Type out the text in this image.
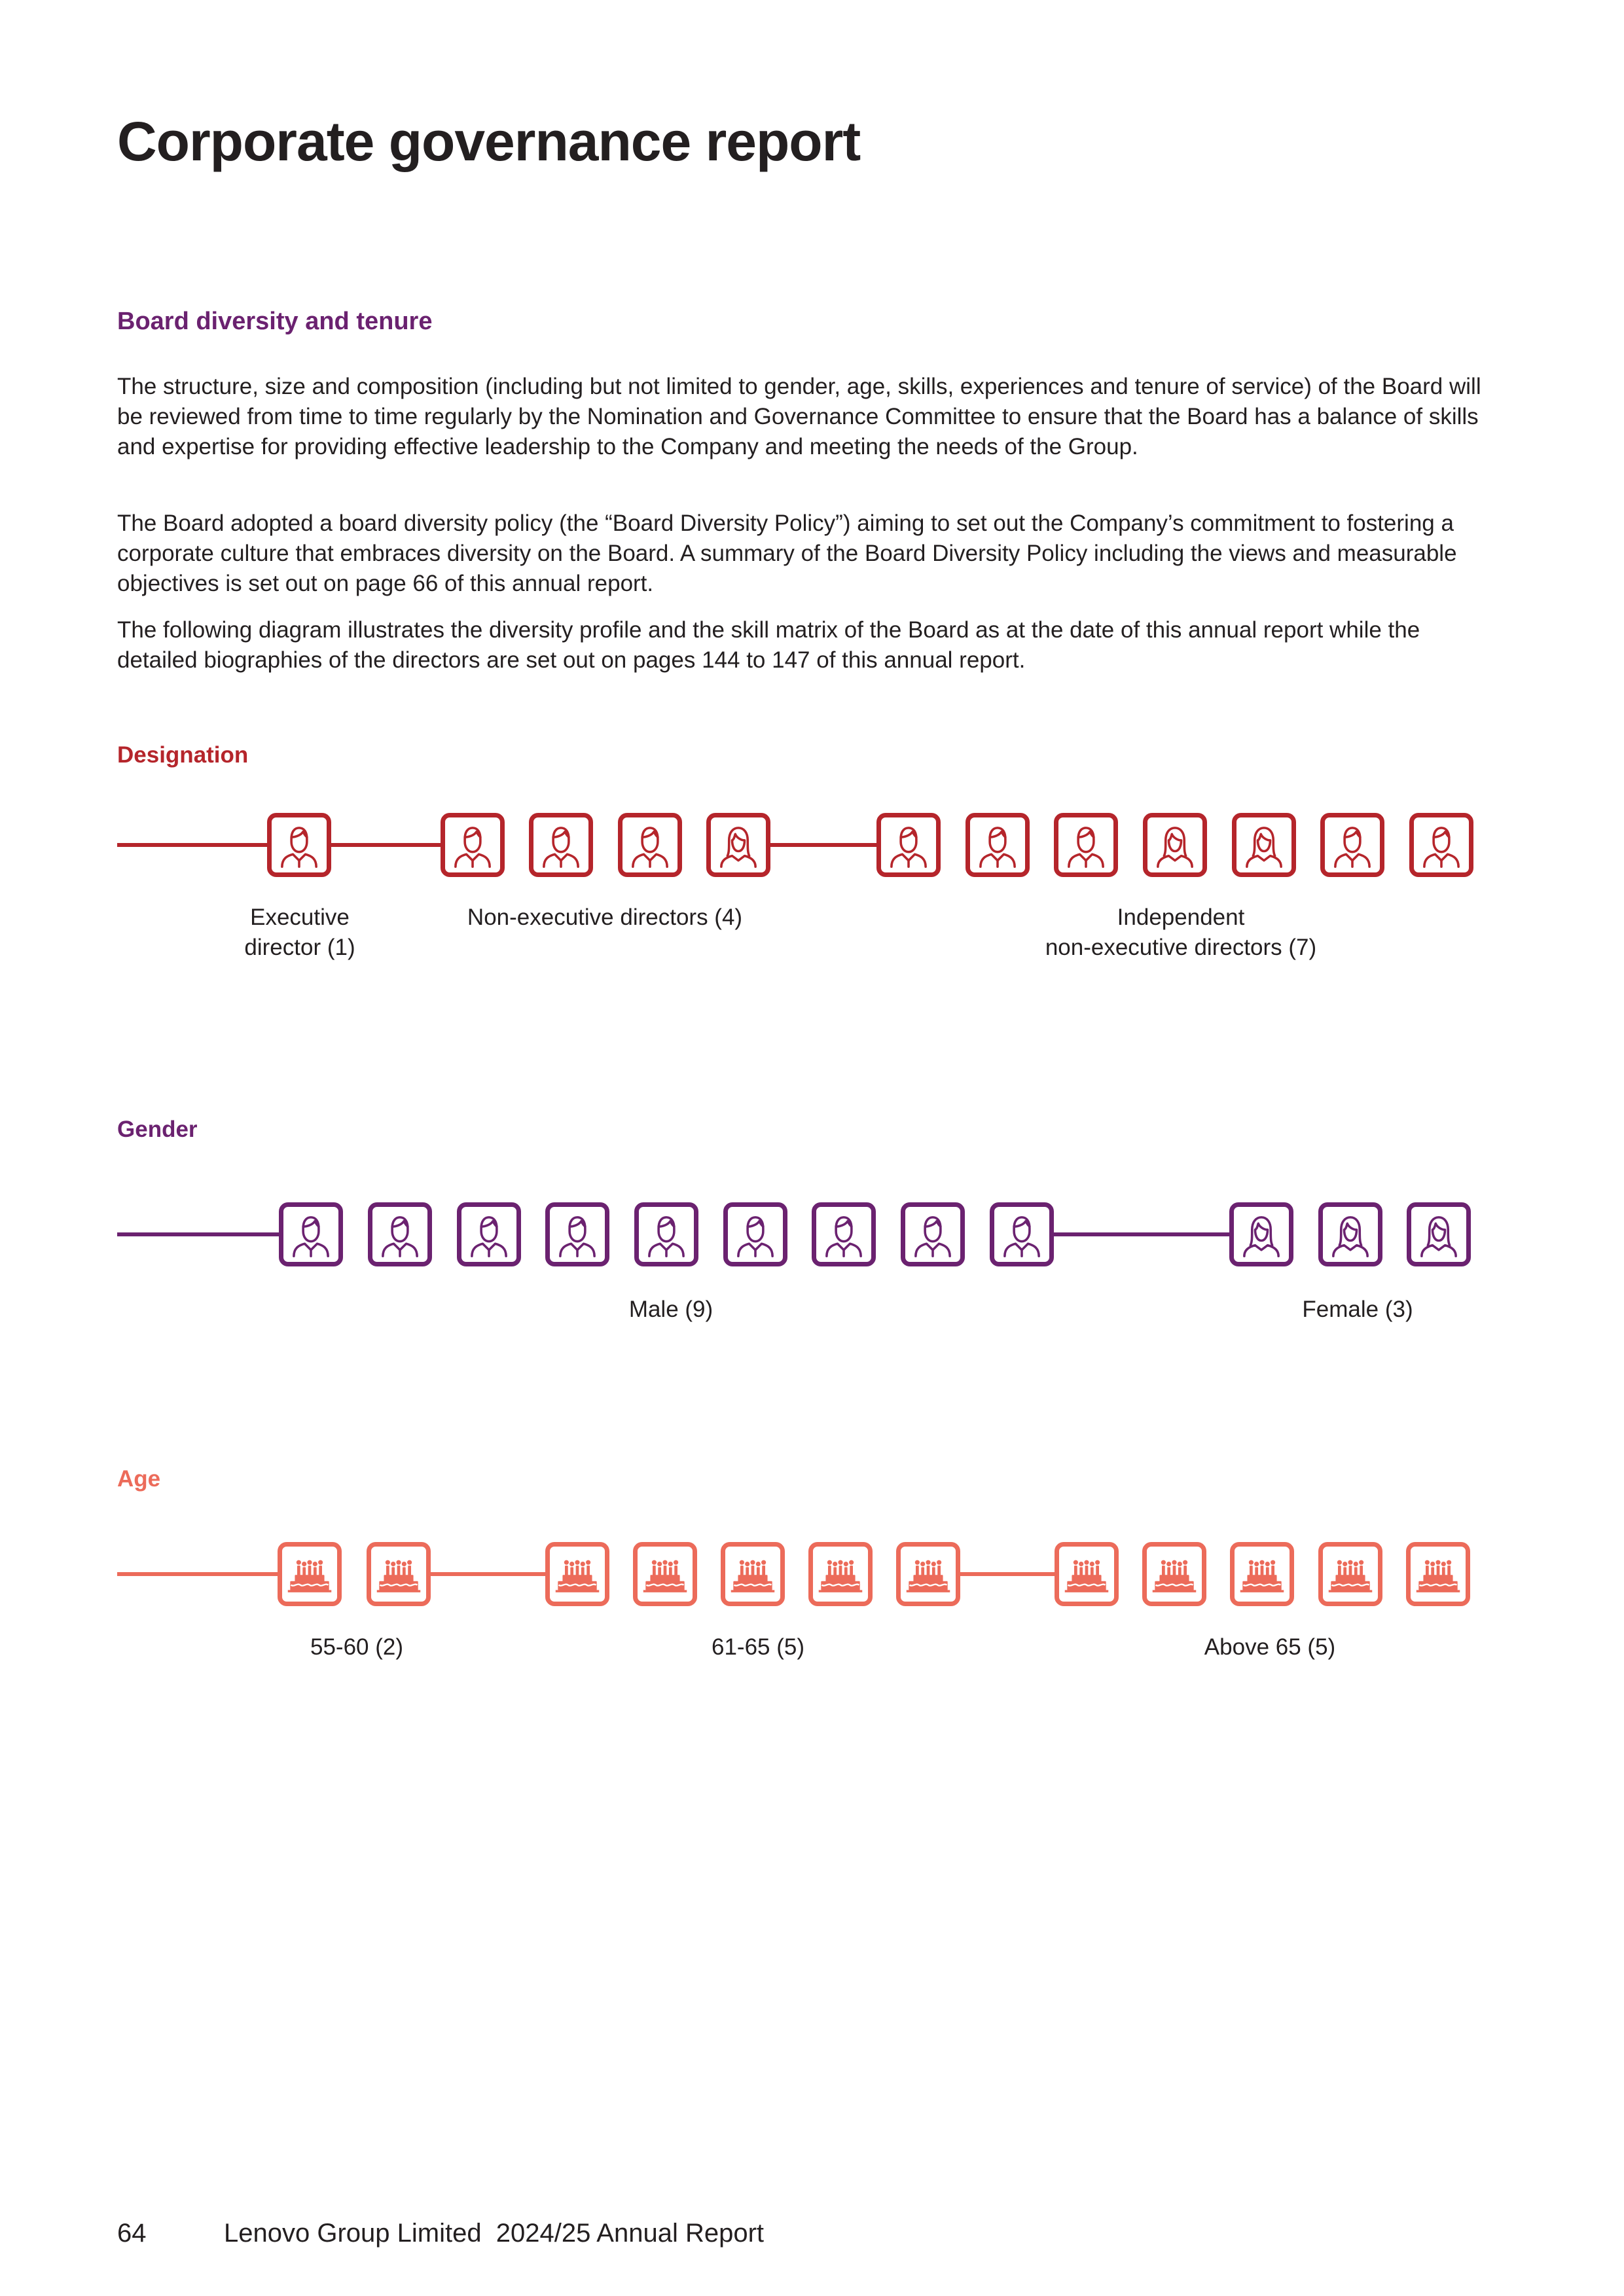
Corporate governance report
Board diversity and tenure

The structure, size and composition (including but not limited to gender, age, skills, experiences and tenure of service) of the Board will be reviewed from time to time regularly by the Nomination and Governance Committee to ensure that the Board has a balance of skills and expertise for providing effective leadership to the Company and meeting the needs of the Group.

The Board adopted a board diversity policy (the “Board Diversity Policy”) aiming to set out the Company’s commitment to fostering a corporate culture that embraces diversity on the Board. A summary of the Board Diversity Policy including the views and measurable objectives is set out on page 66 of this annual report.

The following diagram illustrates the diversity profile and the skill matrix of the Board as at the date of this annual report while the detailed biographies of the directors are set out on pages 144 to 147 of this annual report.

Designation
Executive
director (1)
Non-executive directors (4)	Independent
non-executive directors (7)
Gender
Male (9)	Female (3)
Age
55-60 (2)	61-65 (5)	Above 65 (5)
64	Lenovo Group Limited  2024/25 Annual Report
